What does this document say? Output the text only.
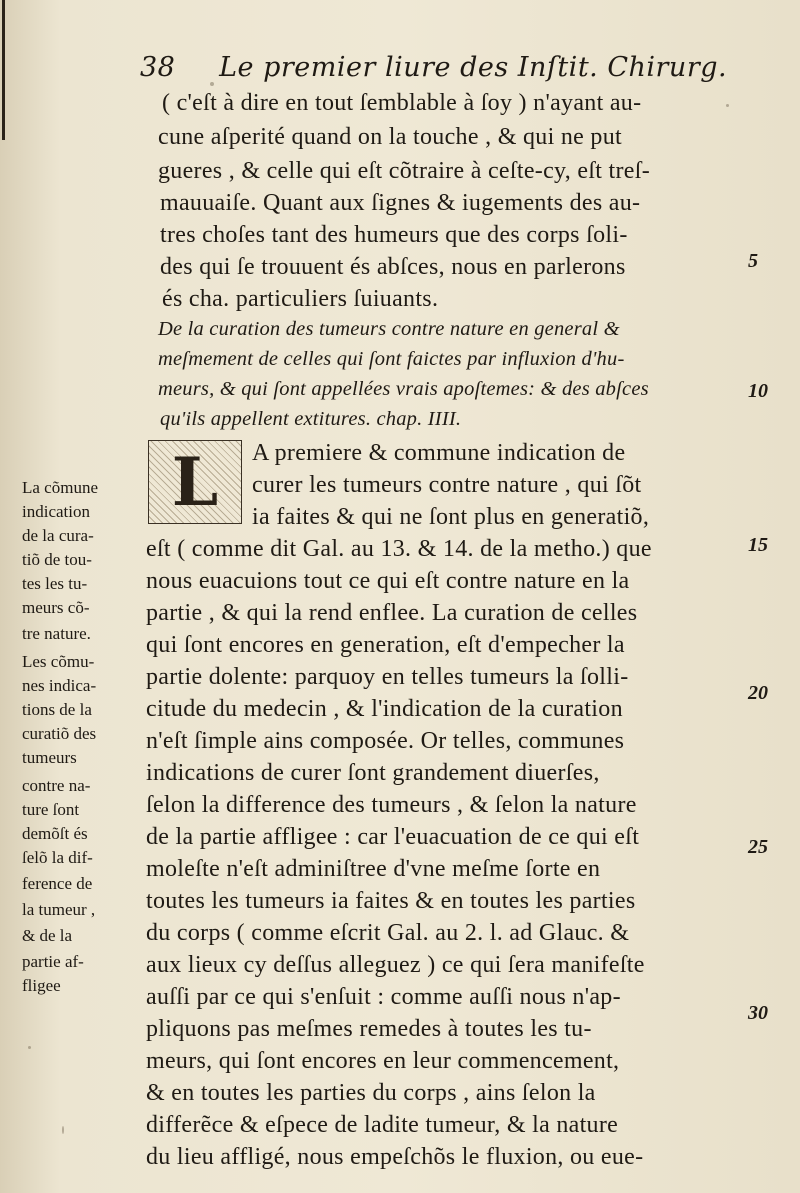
38 Le premier liure des Inſtit. Chirurg.
( c'eſt à dire en tout ſemblable à ſoy ) n'ayant au-
cune aſperité quand on la touche , & qui ne put
gueres , & celle qui eſt cõtraire à ceſte-cy, eſt treſ-
mauuaiſe. Quant aux ſignes & iugements des au-
tres choſes tant des humeurs que des corps ſoli-
des qui ſe trouuent és abſces, nous en parlerons
és cha. particuliers ſuiuants.
De la curation des tumeurs contre nature en general &
meſmement de celles qui ſont faictes par influxion d'hu-
meurs, & qui ſont appellées vrais apoſtemes: & des abſces
qu'ils appellent extitures. chap. IIII.
L	A premiere & commune indication de
curer les tumeurs contre nature , qui ſõt
ia faites & qui ne ſont plus en generatiõ,
eſt ( comme dit Gal. au 13. & 14. de la metho.) que
nous euacuions tout ce qui eſt contre nature en la
partie , & qui la rend enflee. La curation de celles
qui ſont encores en generation, eſt d'empecher la
partie dolente: parquoy en telles tumeurs la ſolli-
citude du medecin , & l'indication de la curation
n'eſt ſimple ains composée. Or telles, communes
indications de curer ſont grandement diuerſes,
ſelon la difference des tumeurs , & ſelon la nature
de la partie affligee : car l'euacuation de ce qui eſt
moleſte n'eſt adminiſtree d'vne meſme ſorte en
toutes les tumeurs ia faites & en toutes les parties
du corps ( comme eſcrit Gal. au 2. l. ad Glauc. &
aux lieux cy deſſus alleguez ) ce qui ſera manifeſte
auſſi par ce qui s'enſuit : comme auſſi nous n'ap-
pliquons pas meſmes remedes à toutes les tu-
meurs, qui ſont encores en leur commencement,
& en toutes les parties du corps , ains ſelon la
differẽce & eſpece de ladite tumeur, & la nature
du lieu affligé, nous empeſchõs le fluxion, ou eue-
La cõmune
indication
de la cura-
tiõ de tou-
tes les tu-
meurs cõ-
tre nature.
Les cõmu-
nes indica-
tions de la
curatiõ des
tumeurs
contre na-
ture ſont
demõſt és
ſelõ la dif-
ference de
la tumeur ,
& de la
partie af-
fligee
5
10
15
20
25
30
